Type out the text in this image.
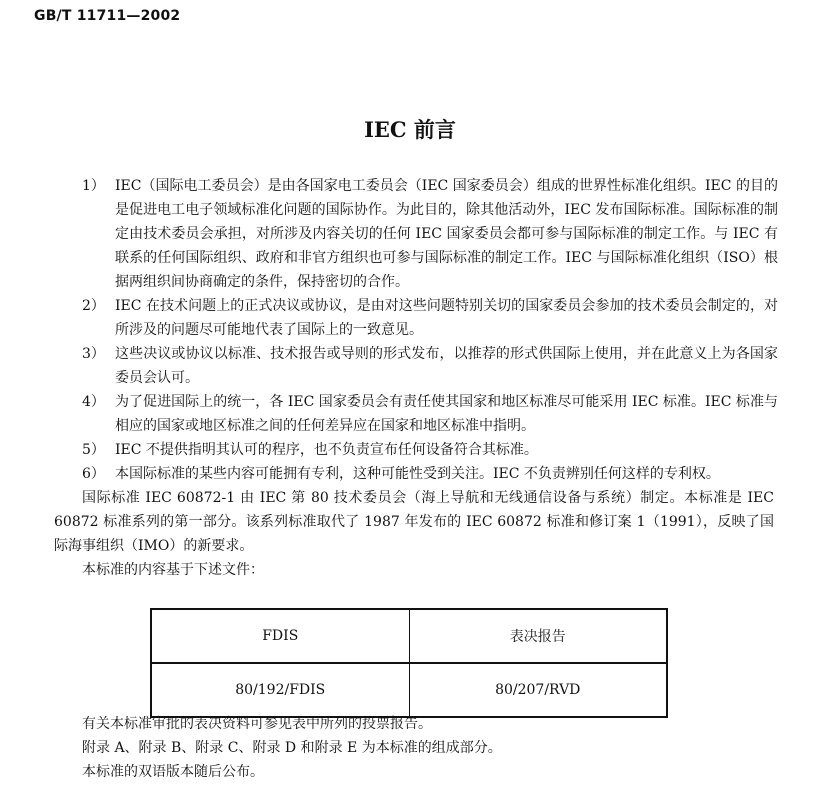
GB/T 11711—2002
IEC 前言
1） IEC（国际电工委员会）是由各国家电工委员会（IEC 国家委员会）组成的世界性标准化组织。IEC 的目的是促进电工电子领域标准化问题的国际协作。为此目的，除其他活动外，IEC 发布国际标准。国际标准的制定由技术委员会承担，对所涉及内容关切的任何 IEC 国家委员会都可参与国际标准的制定工作。与 IEC 有联系的任何国际组织、政府和非官方组织也可参与国际标准的制定工作。IEC 与国际标准化组织（ISO）根据两组织间协商确定的条件，保持密切的合作。
2） IEC 在技术问题上的正式决议或协议，是由对这些问题特别关切的国家委员会参加的技术委员会制定的，对所涉及的问题尽可能地代表了国际上的一致意见。
3） 这些决议或协议以标准、技术报告或导则的形式发布，以推荐的形式供国际上使用，并在此意义上为各国家委员会认可。
4） 为了促进国际上的统一，各 IEC 国家委员会有责任使其国家和地区标准尽可能采用 IEC 标准。IEC 标准与相应的国家或地区标准之间的任何差异应在国家和地区标准中指明。
5） IEC 不提供指明其认可的程序，也不负责宣布任何设备符合其标准。
6） 本国际标准的某些内容可能拥有专利，这种可能性受到关注。IEC 不负责辨别任何这样的专利权。

国际标准 IEC 60872-1 由 IEC 第 80 技术委员会（海上导航和无线通信设备与系统）制定。本标准是 IEC 60872 标准系列的第一部分。该系列标准取代了 1987 年发布的 IEC 60872 标准和修订案 1（1991），反映了国际海事组织（IMO）的新要求。

本标准的内容基于下述文件：

FDIS	表决报告
80/192/FDIS	80/207/RVD

有关本标准审批的表决资料可参见表中所列的投票报告。

附录 A、附录 B、附录 C、附录 D 和附录 E 为本标准的组成部分。

本标准的双语版本随后公布。
